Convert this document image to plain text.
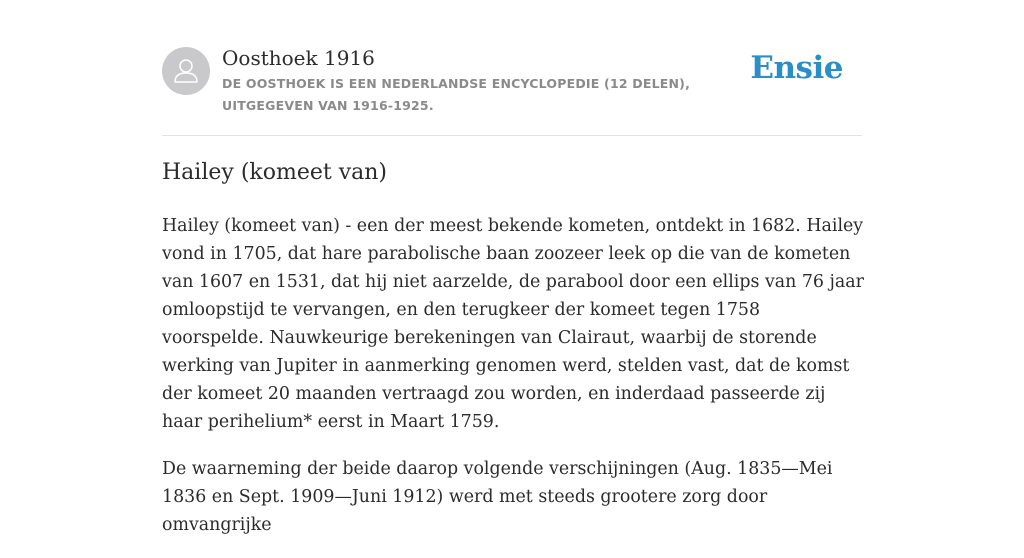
Oosthoek 1916
DE OOSTHOEK IS EEN NEDERLANDSE ENCYCLOPEDIE (12 DELEN), UITGEGEVEN VAN 1916-1925.
Ensie
Hailey (komeet van)

Hailey (komeet van) - een der meest bekende kometen, ontdekt in 1682. Hailey vond in 1705, dat hare parabolische baan zoozeer leek op die van de kometen van 1607 en 1531, dat hij niet aarzelde, de parabool door een ellips van 76 jaar omloopstijd te vervangen, en den terugkeer der komeet tegen 1758 voorspelde. Nauwkeurige berekeningen van Clairaut, waarbij de storende werking van Jupiter in aanmerking genomen werd, stelden vast, dat de komst der komeet 20 maanden vertraagd zou worden, en inderdaad passeerde zij haar perihelium* eerst in Maart 1759.

De waarneming der beide daarop volgende verschijningen (Aug. 1835—Mei 1836 en Sept. 1909—Juni 1912) werd met steeds grootere zorg door omvangrijke
